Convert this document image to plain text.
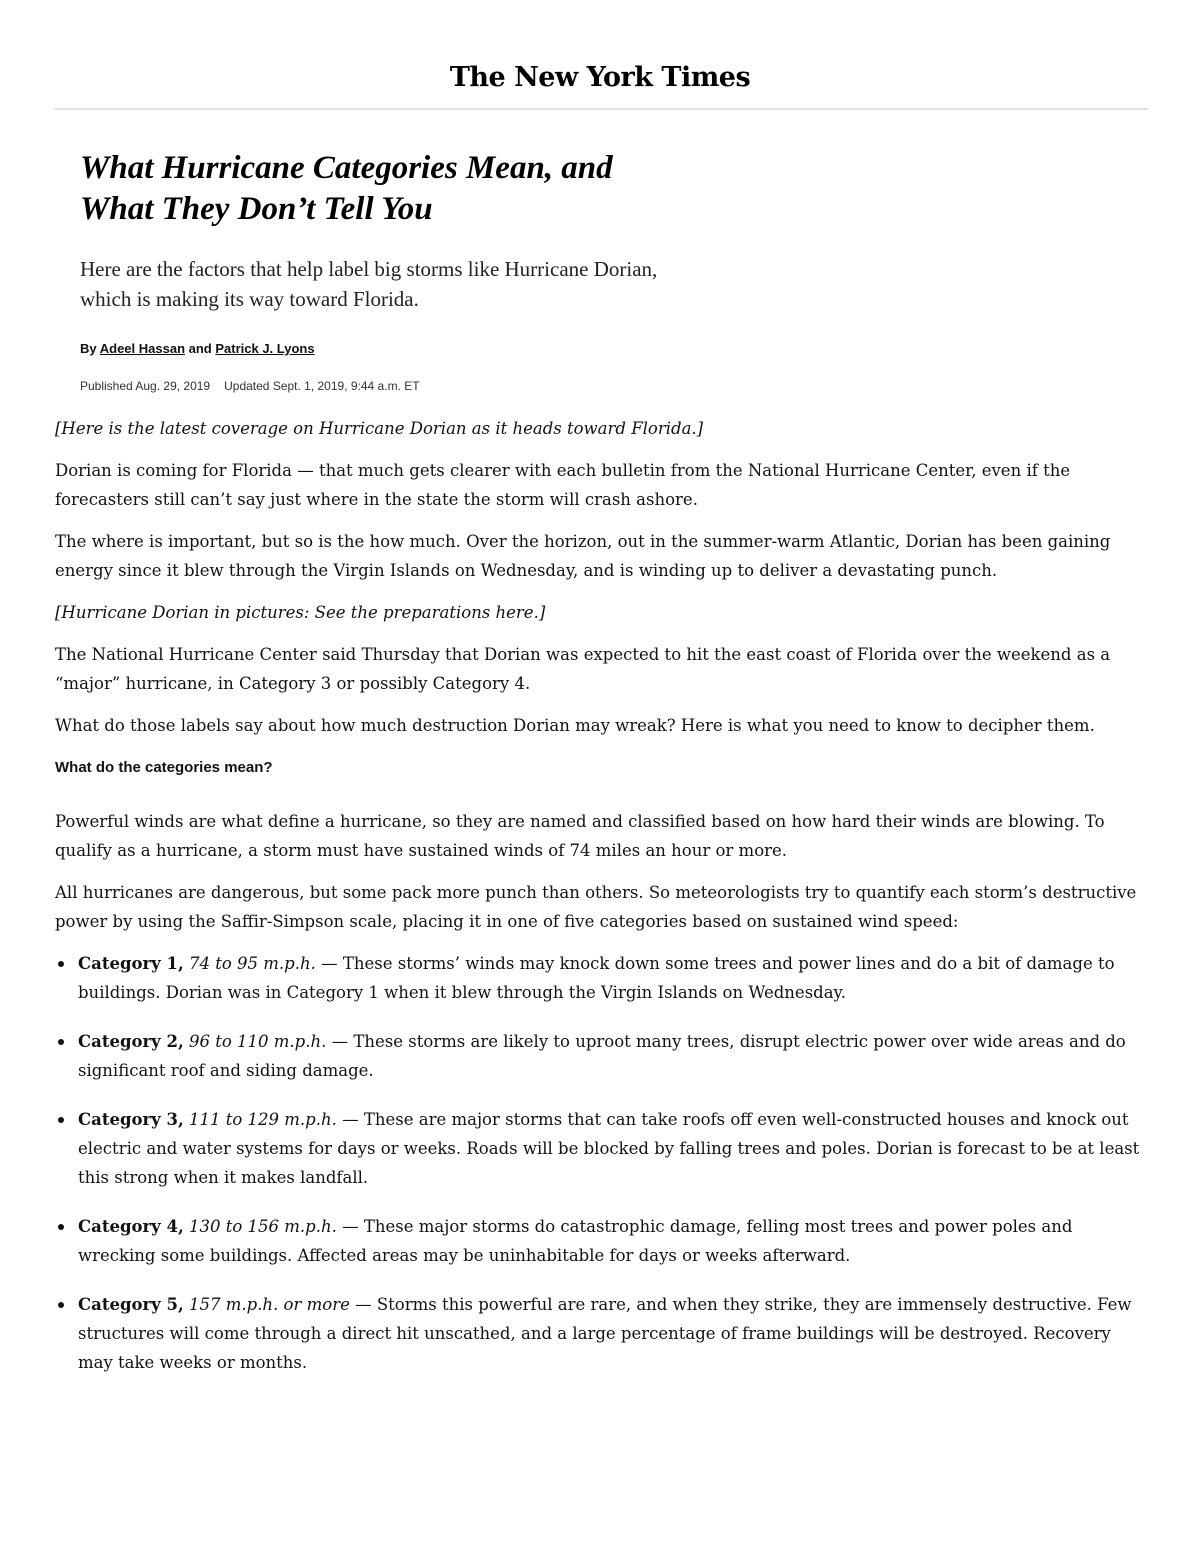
The New York Times
What Hurricane Categories Mean, and
What They Don’t Tell You

Here are the factors that help label big storms like Hurricane Dorian,
which is making its way toward Florida.

By Adeel Hassan and Patrick J. Lyons
Published Aug. 29, 2019 Updated Sept. 1, 2019, 9:44 a.m. ET

[Here is the latest coverage on Hurricane Dorian as it heads toward Florida.]

Dorian is coming for Florida — that much gets clearer with each bulletin from the National Hurricane Center, even if the forecasters still can’t say just where in the state the storm will crash ashore.

The where is important, but so is the how much. Over the horizon, out in the summer-warm Atlantic, Dorian has been gaining energy since it blew through the Virgin Islands on Wednesday, and is winding up to deliver a devastating punch.

[Hurricane Dorian in pictures: See the preparations here.]

The National Hurricane Center said Thursday that Dorian was expected to hit the east coast of Florida over the weekend as a “major” hurricane, in Category 3 or possibly Category 4.

What do those labels say about how much destruction Dorian may wreak? Here is what you need to know to decipher them.

What do the categories mean?

Powerful winds are what define a hurricane, so they are named and classified based on how hard their winds are blowing. To qualify as a hurricane, a storm must have sustained winds of 74 miles an hour or more.

All hurricanes are dangerous, but some pack more punch than others. So meteorologists try to quantify each storm’s destructive power by using the Saffir-Simpson scale, placing it in one of five categories based on sustained wind speed:

Category 1, 74 to 95 m.p.h. — These storms’ winds may knock down some trees and power lines and do a bit of damage to buildings. Dorian was in Category 1 when it blew through the Virgin Islands on Wednesday.
Category 2, 96 to 110 m.p.h. — These storms are likely to uproot many trees, disrupt electric power over wide areas and do significant roof and siding damage.
Category 3, 111 to 129 m.p.h. — These are major storms that can take roofs off even well-constructed houses and knock out electric and water systems for days or weeks. Roads will be blocked by falling trees and poles. Dorian is forecast to be at least this strong when it makes landfall.
Category 4, 130 to 156 m.p.h. — These major storms do catastrophic damage, felling most trees and power poles and wrecking some buildings. Affected areas may be uninhabitable for days or weeks afterward.
Category 5, 157 m.p.h. or more — Storms this powerful are rare, and when they strike, they are immensely destructive. Few structures will come through a direct hit unscathed, and a large percentage of frame buildings will be destroyed. Recovery may take weeks or months.
